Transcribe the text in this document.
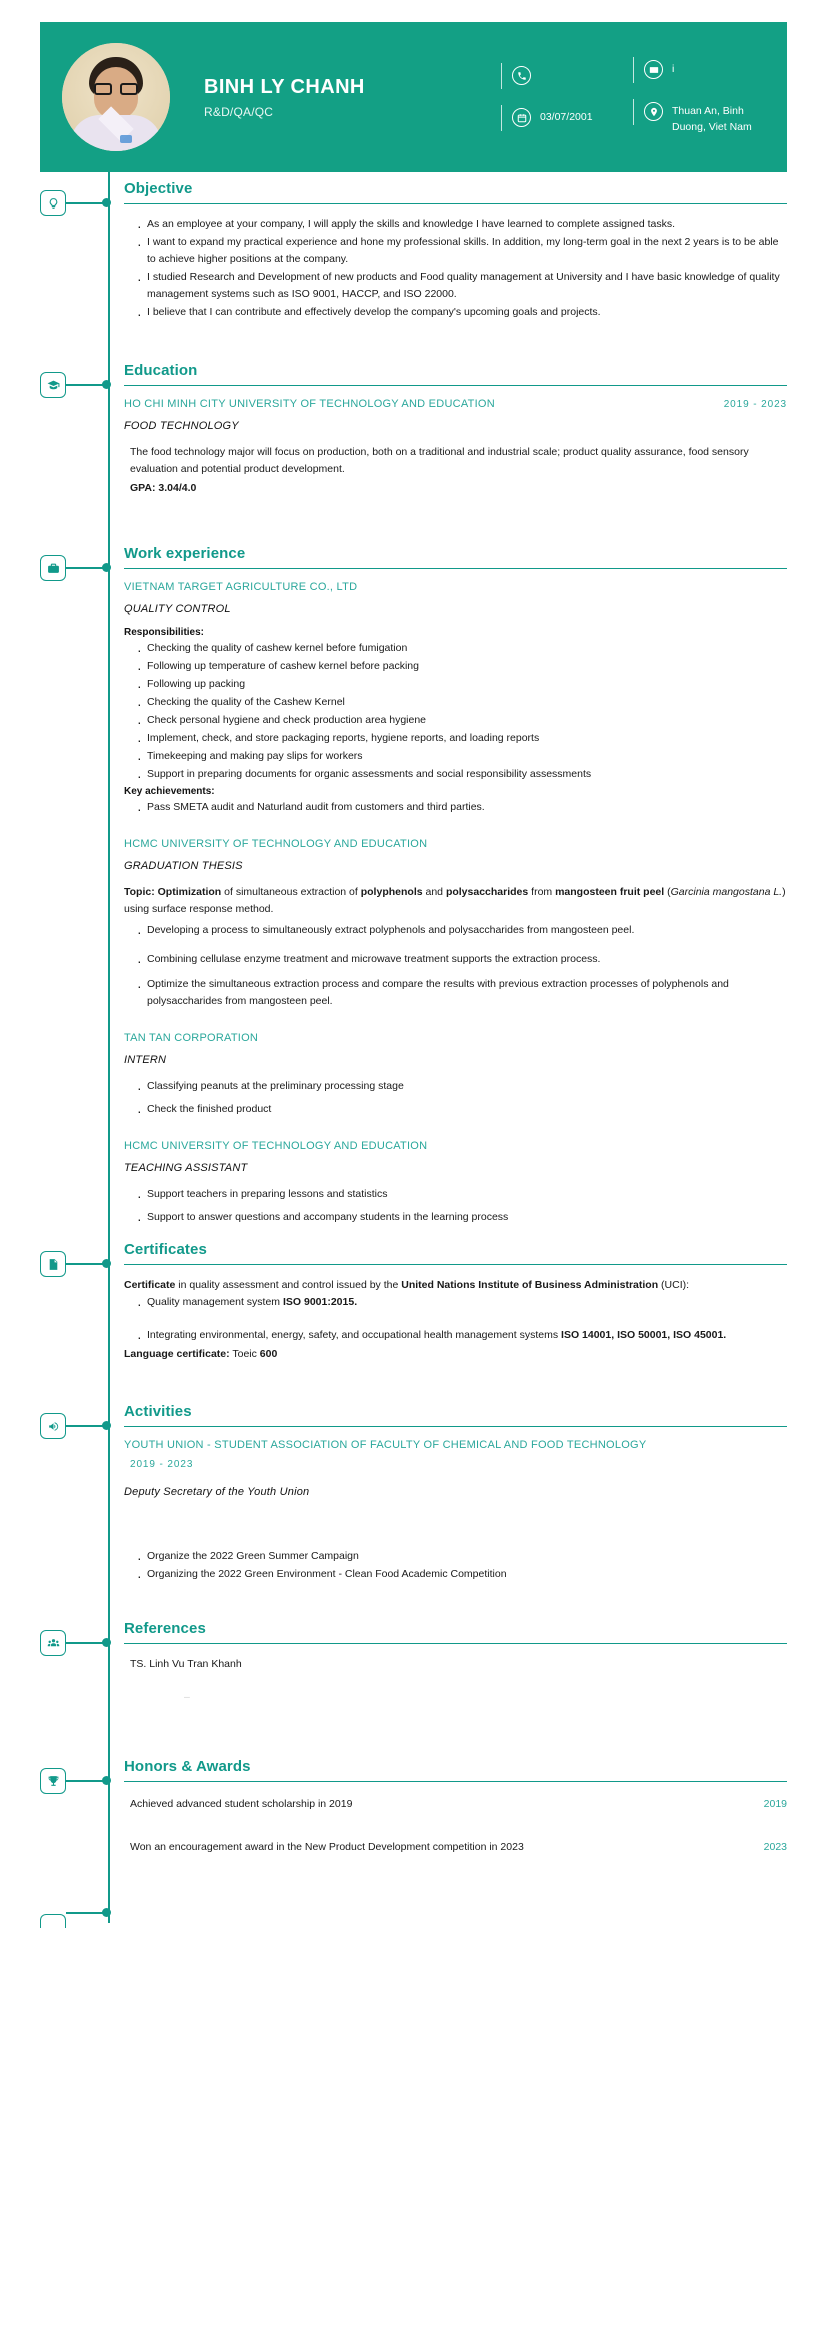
BINH LY CHANH
R&D/QA/QC	03/07/2001
i
Thuan An, Binh Duong, Viet Nam
Objective
· As an employee at your company, I will apply the skills and knowledge I have learned to complete assigned tasks.
· I want to expand my practical experience and hone my professional skills. In addition, my long-term goal in the next 2 years is to be able to achieve higher positions at the company.
· I studied Research and Development of new products and Food quality management at University and I have basic knowledge of quality management systems such as ISO 9001, HACCP, and ISO 22000.
· I believe that I can contribute and effectively develop the company's upcoming goals and projects.
Education
HO CHI MINH CITY UNIVERSITY OF TECHNOLOGY AND EDUCATION	2019 - 2023
FOOD TECHNOLOGY
The food technology major will focus on production, both on a traditional and industrial scale; product quality assurance, food sensory evaluation and potential product development.
GPA: 3.04/4.0
Work experience
VIETNAM TARGET AGRICULTURE CO., LTD
QUALITY CONTROL
Responsibilities:
· Checking the quality of cashew kernel before fumigation
· Following up temperature of cashew kernel before packing
· Following up packing
· Checking the quality of the Cashew Kernel
· Check personal hygiene and check production area hygiene
· Implement, check, and store packaging reports, hygiene reports, and loading reports
· Timekeeping and making pay slips for workers
· Support in preparing documents for organic assessments and social responsibility assessments
Key achievements:
· Pass SMETA audit and Naturland audit from customers and third parties.
HCMC UNIVERSITY OF TECHNOLOGY AND EDUCATION
GRADUATION THESIS
Topic: Optimization of simultaneous extraction of polyphenols and polysaccharides from mangosteen fruit peel (Garcinia mangostana L.) using surface response method.
· Developing a process to simultaneously extract polyphenols and polysaccharides from mangosteen peel.
· Combining cellulase enzyme treatment and microwave treatment supports the extraction process.
· Optimize the simultaneous extraction process and compare the results with previous extraction processes of polyphenols and polysaccharides from mangosteen peel.
TAN TAN CORPORATION
INTERN
· Classifying peanuts at the preliminary processing stage
· Check the finished product
HCMC UNIVERSITY OF TECHNOLOGY AND EDUCATION
TEACHING ASSISTANT
· Support teachers in preparing lessons and statistics
· Support to answer questions and accompany students in the learning process
Certificates
Certificate in quality assessment and control issued by the United Nations Institute of Business Administration (UCI):
· Quality management system ISO 9001:2015.
· Integrating environmental, energy, safety, and occupational health management systems ISO 14001, ISO 50001, ISO 45001.
Language certificate: Toeic 600
Activities
YOUTH UNION - STUDENT ASSOCIATION OF FACULTY OF CHEMICAL AND FOOD TECHNOLOGY
2019 - 2023
Deputy Secretary of the Youth Union
· Organize the 2022 Green Summer Campaign
· Organizing the 2022 Green Environment - Clean Food Academic Competition
References
TS. Linh Vu Tran Khanh
–
Honors & Awards
Achieved advanced student scholarship in 2019	2019
Won an encouragement award in the New Product Development competition in 2023	2023
